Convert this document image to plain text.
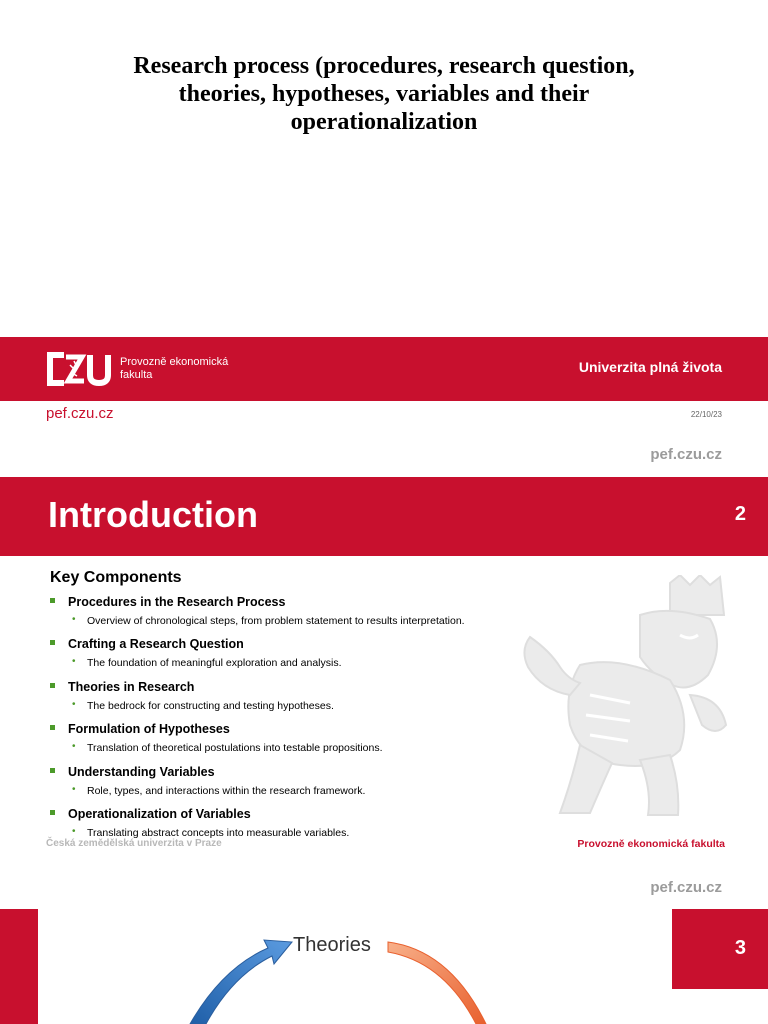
Research process (procedures, research question,
theories, hypotheses, variables and their
operationalization
Provozně ekonomická
fakulta	Univerzita plná života
pef.czu.cz	22/10/23
pef.czu.cz
Introduction	2
Key Components
Procedures in the Research Process
• Overview of chronological steps, from problem statement to results interpretation.
Crafting a Research Question
• The foundation of meaningful exploration and analysis.
Theories in Research
• The bedrock for constructing and testing hypotheses.
Formulation of Hypotheses
• Translation of theoretical postulations into testable propositions.
Understanding Variables
• Role, types, and interactions within the research framework.
Operationalization of Variables
• Translating abstract concepts into measurable variables.
Česká zemědělská univerzita v Praze	Provozně ekonomická fakulta
pef.czu.cz
3
Theories
